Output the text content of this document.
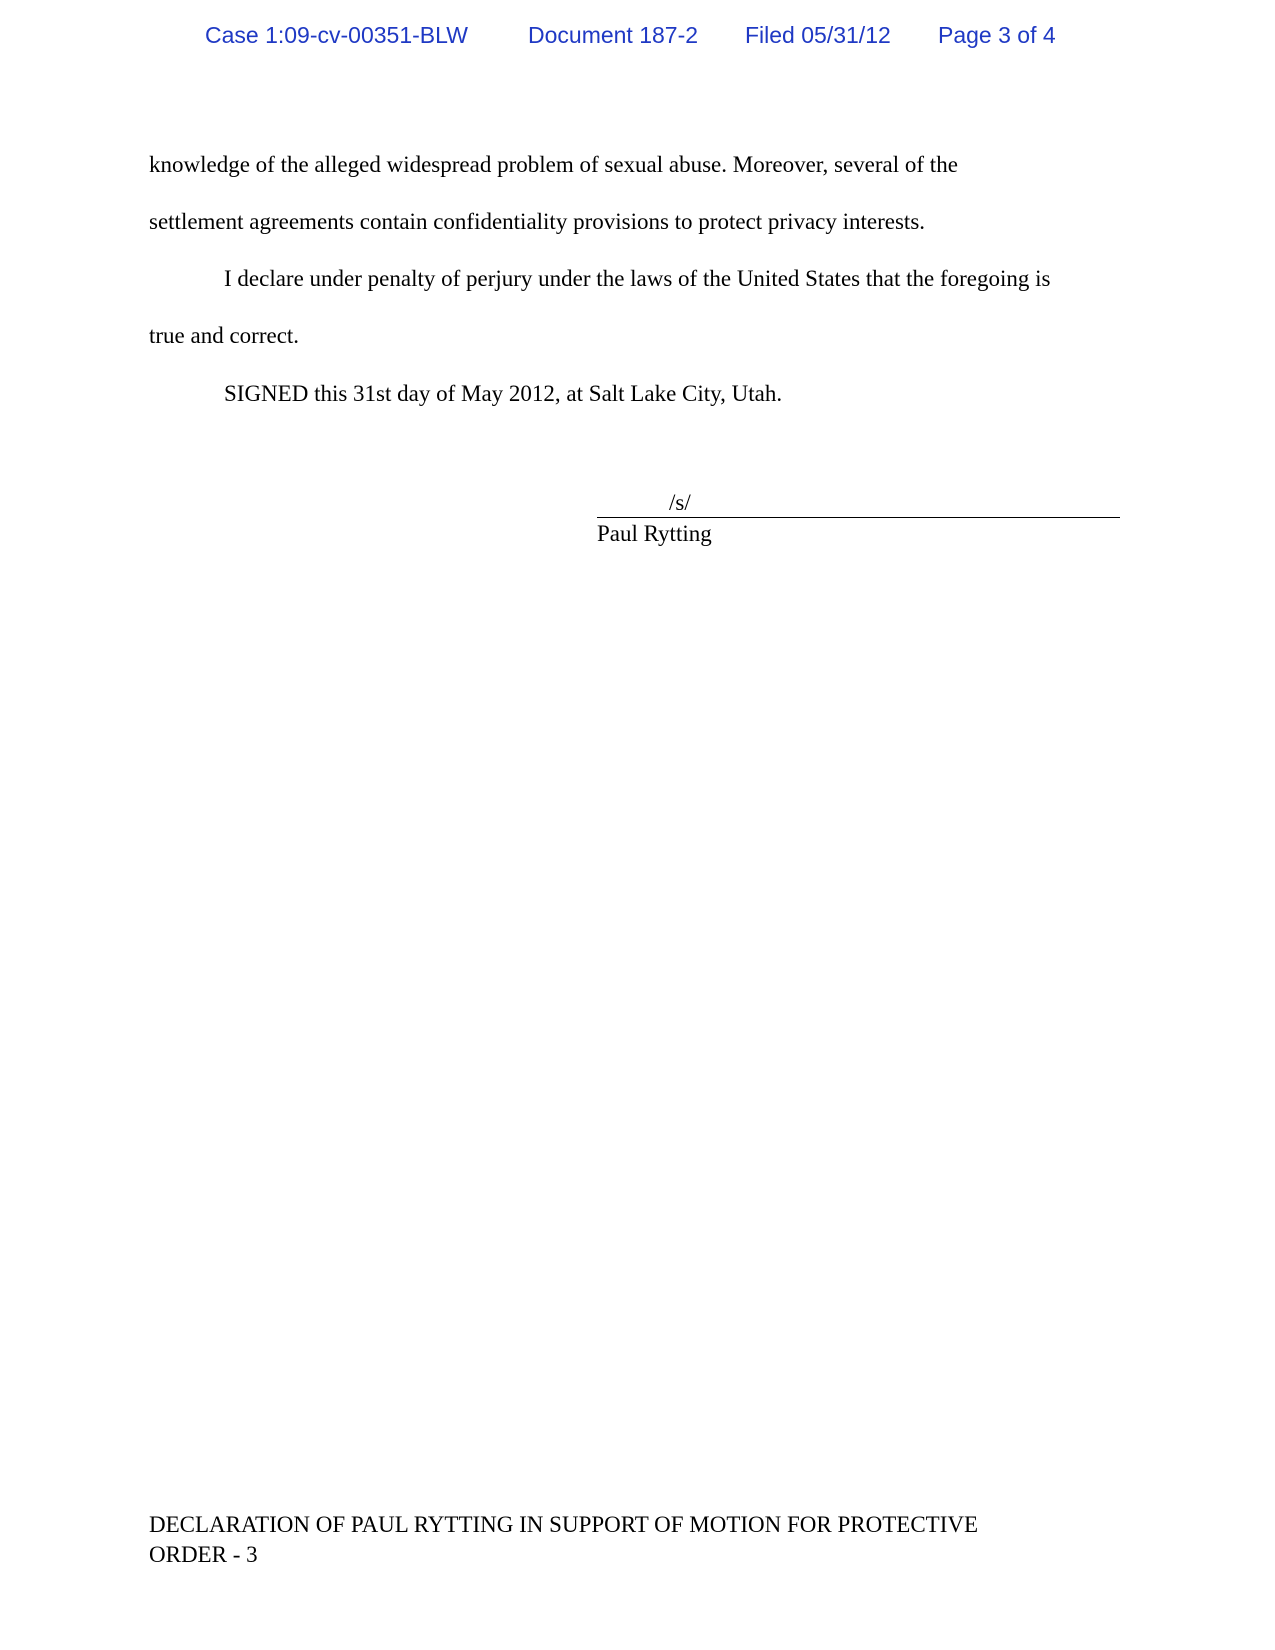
Case 1:09-cv-00351-BLW	Document 187-2 Filed 05/31/12 Page 3 of 4
knowledge of the alleged widespread problem of sexual abuse. Moreover, several of the
settlement agreements contain confidentiality provisions to protect privacy interests.
I declare under penalty of perjury under the laws of the United States that the foregoing is
true and correct.
SIGNED this 31st day of May 2012, at Salt Lake City, Utah.
/s/
Paul Rytting
DECLARATION OF PAUL RYTTING IN SUPPORT OF MOTION FOR PROTECTIVE
ORDER - 3
